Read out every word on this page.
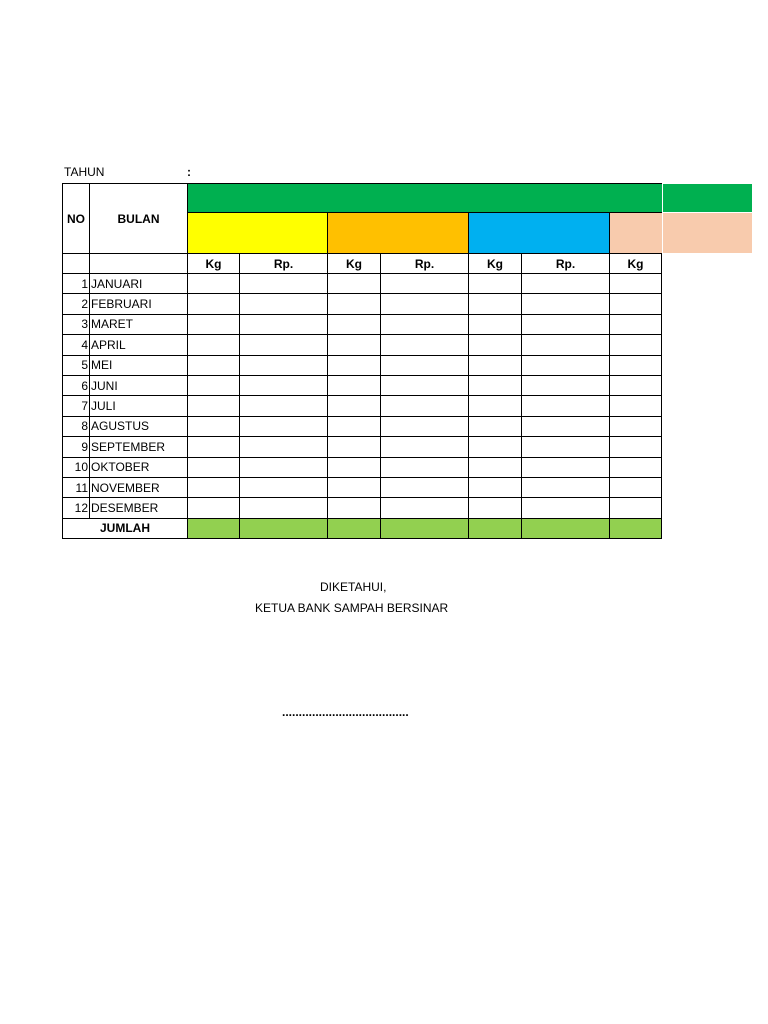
TAHUN	:
NO	BULAN							

		Kg	Rp.	Kg	Rp.	Kg	Rp.	Kg
1	JANUARI							
2	FEBRUARI							
3	MARET							
4	APRIL							
5	MEI							
6	JUNI							
7	JULI							
8	AGUSTUS							
9	SEPTEMBER							
10	OKTOBER							
11	NOVEMBER							
12	DESEMBER							
JUMLAH								
DIKETAHUI,
KETUA BANK SAMPAH BERSINAR
......................................
